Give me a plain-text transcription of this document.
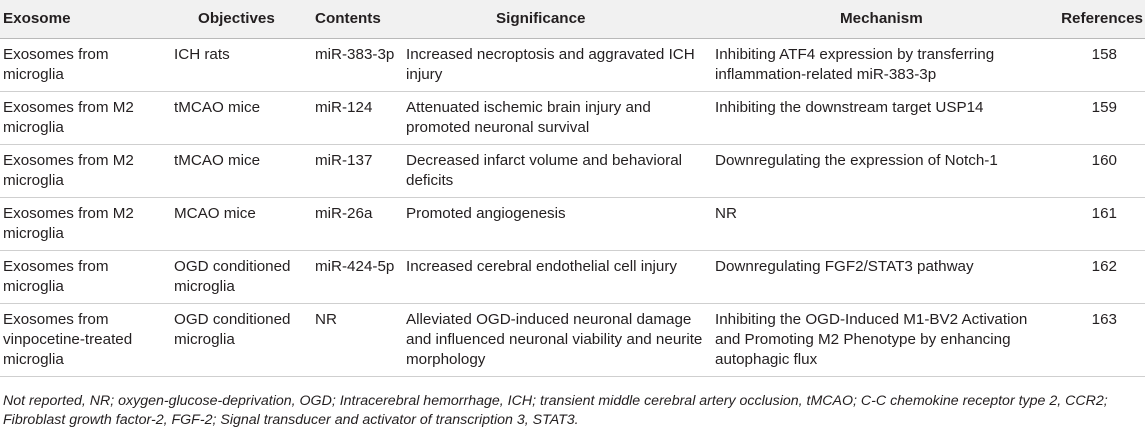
Exosome	Objectives	Contents	Significance	Mechanism	References
Exosomes from microglia	ICH rats	miR-383-3p	Increased necroptosis and aggravated ICH injury	Inhibiting ATF4 expression by transferring inflammation-related miR-383-3p	158
Exosomes from M2 microglia	tMCAO mice	miR-124	Attenuated ischemic brain injury and promoted neuronal survival	Inhibiting the downstream target USP14	159
Exosomes from M2 microglia	tMCAO mice	miR-137	Decreased infarct volume and behavioral deficits	Downregulating the expression of Notch-1	160
Exosomes from M2 microglia	MCAO mice	miR-26a	Promoted angiogenesis	NR	161
Exosomes from microglia	OGD conditioned microglia	miR-424-5p	Increased cerebral endothelial cell injury	Downregulating FGF2/STAT3 pathway	162
Exosomes from vinpocetine-treated microglia	OGD conditioned microglia	NR	Alleviated OGD-induced neuronal damage and influenced neuronal viability and neurite morphology	Inhibiting the OGD-Induced M1-BV2 Activation and Promoting M2 Phenotype by enhancing autophagic flux	163
Not reported, NR; oxygen-glucose-deprivation, OGD; Intracerebral hemorrhage, ICH; transient middle cerebral artery occlusion, tMCAO; C-C chemokine receptor type 2, CCR2; Fibroblast growth factor-2, FGF-2; Signal transducer and activator of transcription 3, STAT3.
